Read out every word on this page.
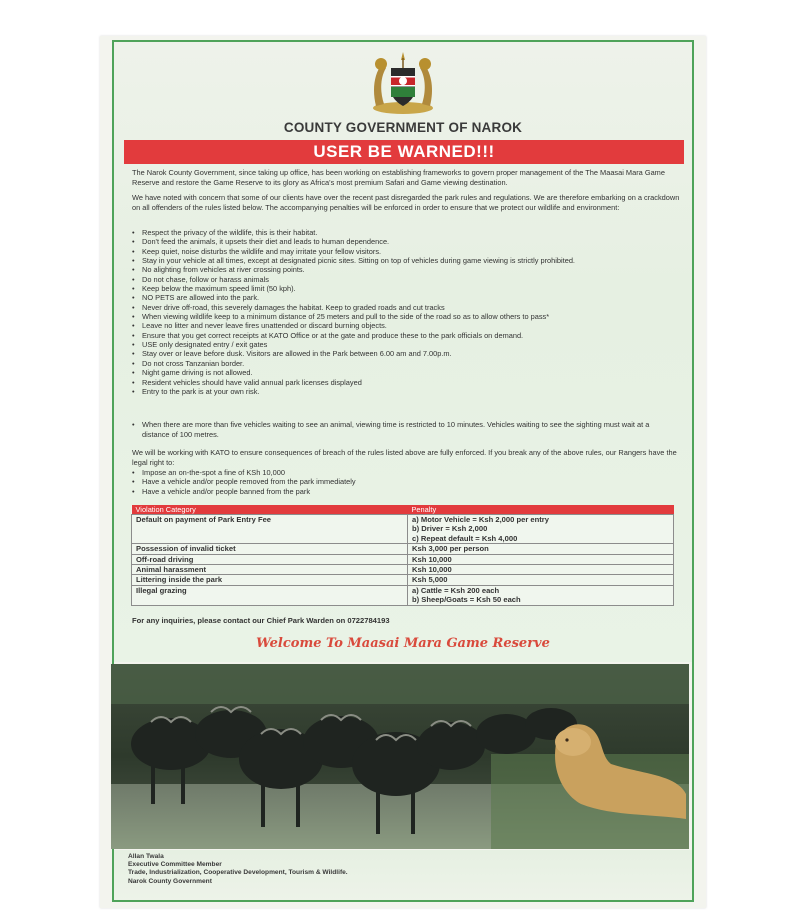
COUNTY GOVERNMENT OF NAROK
USER BE WARNED!!!
The Narok County Government, since taking up office, has been working on establishing frameworks to govern proper management of the The Maasai Mara Game Reserve and restore the Game Reserve to its glory as Africa's most premium Safari and Game viewing destination.
We have noted with concern that some of our clients have over the recent past disregarded the park rules and regulations. We are therefore embarking on a crackdown on all offenders of the rules listed below. The accompanying penalties will be enforced in order to ensure that we protect our wildlife and environment:
• Respect the privacy of the wildlife, this is their habitat.
• Don't feed the animals, it upsets their diet and leads to human dependence.
• Keep quiet, noise disturbs the wildlife and may irritate your fellow visitors.
• Stay in your vehicle at all times, except at designated picnic sites. Sitting on top of vehicles during game viewing is strictly prohibited.
• No alighting from vehicles at river crossing points.
• Do not chase, follow or harass animals
• Keep below the maximum speed limit (50 kph).
• NO PETS are allowed into the park.
• Never drive off-road, this severely damages the habitat. Keep to graded roads and cut tracks
• When viewing wildlife keep to a minimum distance of 25 meters and pull to the side of the road so as to allow others to pass*
• Leave no litter and never leave fires unattended or discard burning objects.
• Ensure that you get correct receipts at KATO Office or at the gate and produce these to the park officials on demand.
• USE only designated entry / exit gates
• Stay over or leave before dusk. Visitors are allowed in the Park between 6.00 am and 7.00p.m.
• Do not cross Tanzanian border.
• Night game driving is not allowed.
• Resident vehicles should have valid annual park licenses displayed
• Entry to the park is at your own risk.
• When there are more than five vehicles waiting to see an animal, viewing time is restricted to 10 minutes. Vehicles waiting to see the sighting must wait at a distance of 100 metres.
We will be working with KATO to ensure consequences of breach of the rules listed above are fully enforced. If you break any of the above rules, our Rangers have the legal right to:
• Impose an on-the-spot a fine of KSh 10,000
• Have a vehicle and/or people removed from the park immediately
• Have a vehicle and/or people banned from the park
Violation Category	Penalty
Default on payment of Park Entry Fee	a) Motor Vehicle = Ksh 2,000 per entry
b) Driver = Ksh 2,000
c) Repeat default = Ksh 4,000

Possession of invalid ticket	Ksh 3,000 per person
Off-road driving	Ksh 10,000
Animal harassment	Ksh 10,000
Littering inside the park	Ksh 5,000
Illegal grazing	a) Cattle = Ksh 200 each
b) Sheep/Goats = Ksh 50 each
For any inquiries, please contact our Chief Park Warden on 0722784193
Welcome To Maasai Mara Game Reserve
Allan Twala
Executive Committee Member
Trade, Industrialization, Cooperative Development, Tourism & Wildlife.
Narok County Government
